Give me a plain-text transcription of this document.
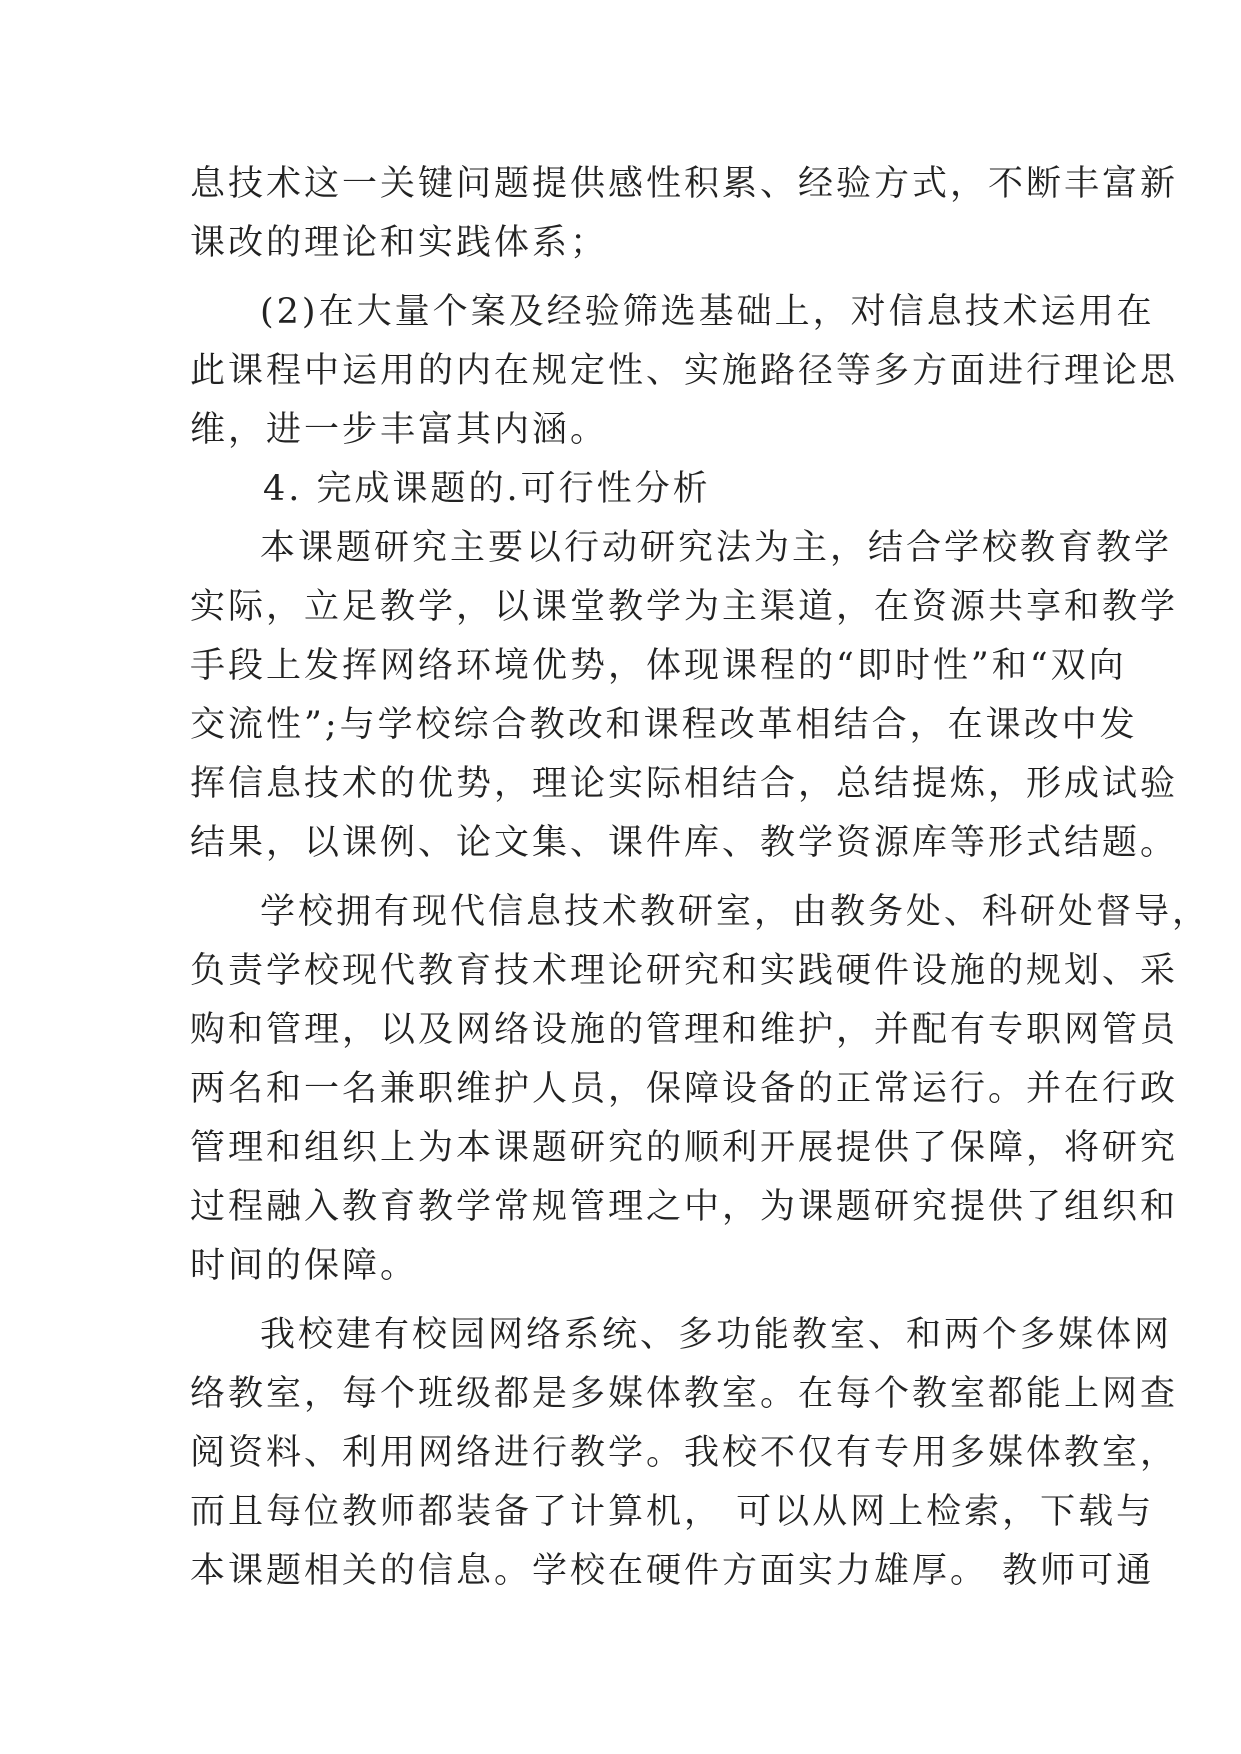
息技术这一关键问题提供感性积累、经验方式，不断丰富新
课改的理论和实践体系；
(2)在大量个案及经验筛选基础上，对信息技术运用在
此课程中运用的内在规定性、实施路径等多方面进行理论思
维，进一步丰富其内涵。
4. 完成课题的.可行性分析
本课题研究主要以行动研究法为主，结合学校教育教学
实际，立足教学，以课堂教学为主渠道，在资源共享和教学
手段上发挥网络环境优势，体现课程的“即时性”和“双向
交流性”;与学校综合教改和课程改革相结合，在课改中发
挥信息技术的优势，理论实际相结合，总结提炼，形成试验
结果，以课例、论文集、课件库、教学资源库等形式结题。
学校拥有现代信息技术教研室，由教务处、科研处督导，
负责学校现代教育技术理论研究和实践硬件设施的规划、采
购和管理，以及网络设施的管理和维护，并配有专职网管员
两名和一名兼职维护人员，保障设备的正常运行。并在行政
管理和组织上为本课题研究的顺利开展提供了保障，将研究
过程融入教育教学常规管理之中，为课题研究提供了组织和
时间的保障。
我校建有校园网络系统、多功能教室、和两个多媒体网
络教室，每个班级都是多媒体教室。在每个教室都能上网查
阅资料、利用网络进行教学。我校不仅有专用多媒体教室，
而且每位教师都装备了计算机， 可以从网上检索，下载与
本课题相关的信息。学校在硬件方面实力雄厚。 教师可通
